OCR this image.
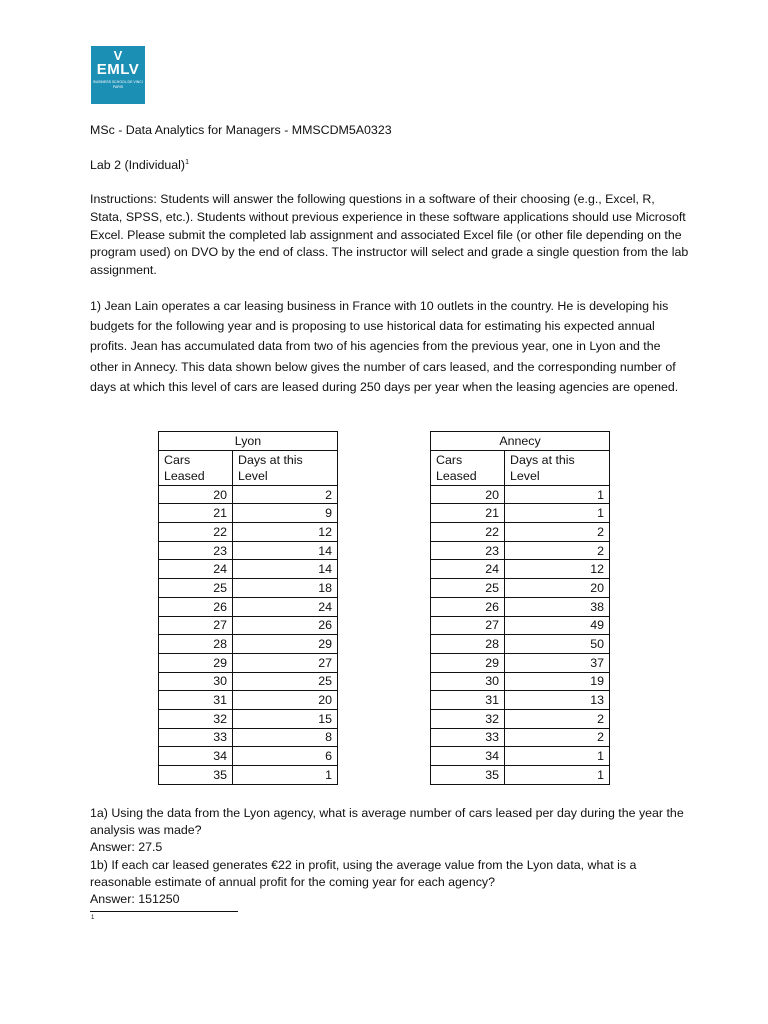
V
EMLV
BUSINESS SCHOOL DE VINCI PARIS
MSc - Data Analytics for Managers - MMSCDM5A0323
Lab 2 (Individual)$^1$
Instructions: Students will answer the following questions in a software of their choosing (e.g., Excel, R, Stata, SPSS, etc.). Students without previous experience in these software applications should use Microsoft Excel. Please submit the completed lab assignment and associated Excel file (or other file depending on the program used) on DVO by the end of class. The instructor will select and grade a single question from the lab assignment.
1) Jean Lain operates a car leasing business in France with 10 outlets in the country. He is developing his budgets for the following year and is proposing to use historical data for estimating his expected annual profits. Jean has accumulated data from two of his agencies from the previous year, one in Lyon and the other in Annecy. This data shown below gives the number of cars leased, and the corresponding number of days at which this level of cars are leased during 250 days per year when the leasing agencies are opened.
Lyon	
Cars Leased	Days at this Level
20	2
21	9
22	12
23	14
24	14
25	18
26	24
27	26
28	29
29	27
30	25
31	20
32	15
33	8
34	6
35	1
Annecy	
Cars Leased	Days at this Level
20	1
21	1
22	2
23	2
24	12
25	20
26	38
27	49
28	50
29	37
30	19
31	13
32	2
33	2
34	1
35	1
1a) Using the data from the Lyon agency, what is average number of cars leased per day during the year the analysis was made?
Answer: 27.5
1b) If each car leased generates €22 in profit, using the average value from the Lyon data, what is a reasonable estimate of annual profit for the coming year for each agency?
Answer: 151250
1
